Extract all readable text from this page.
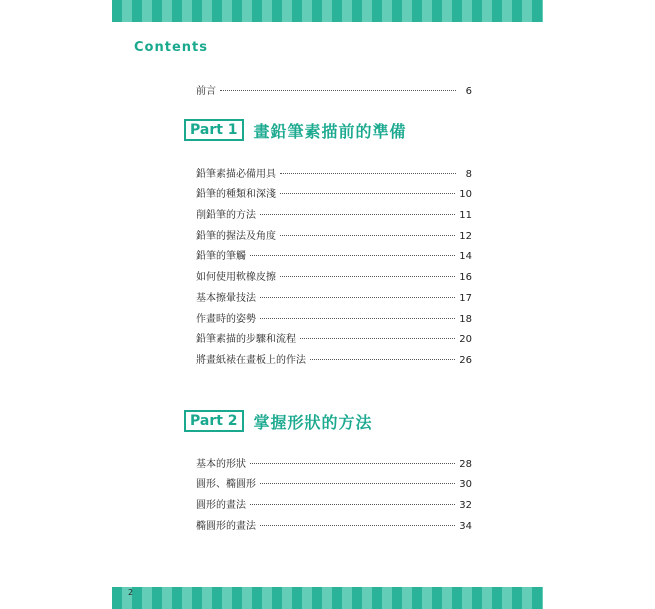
Contents
前言	6
Part 1	畫鉛筆素描前的準備
鉛筆素描必備用具	8
鉛筆的種類和深淺	10
削鉛筆的方法	11
鉛筆的握法及角度	12
鉛筆的筆觸	14
如何使用軟橡皮擦	16
基本擦暈技法	17
作畫時的姿勢	18
鉛筆素描的步驟和流程	20
將畫紙裱在畫板上的作法	26
Part 2	掌握形狀的方法
基本的形狀	28
圓形、橢圓形	30
圓形的畫法	32
橢圓形的畫法	34
2
